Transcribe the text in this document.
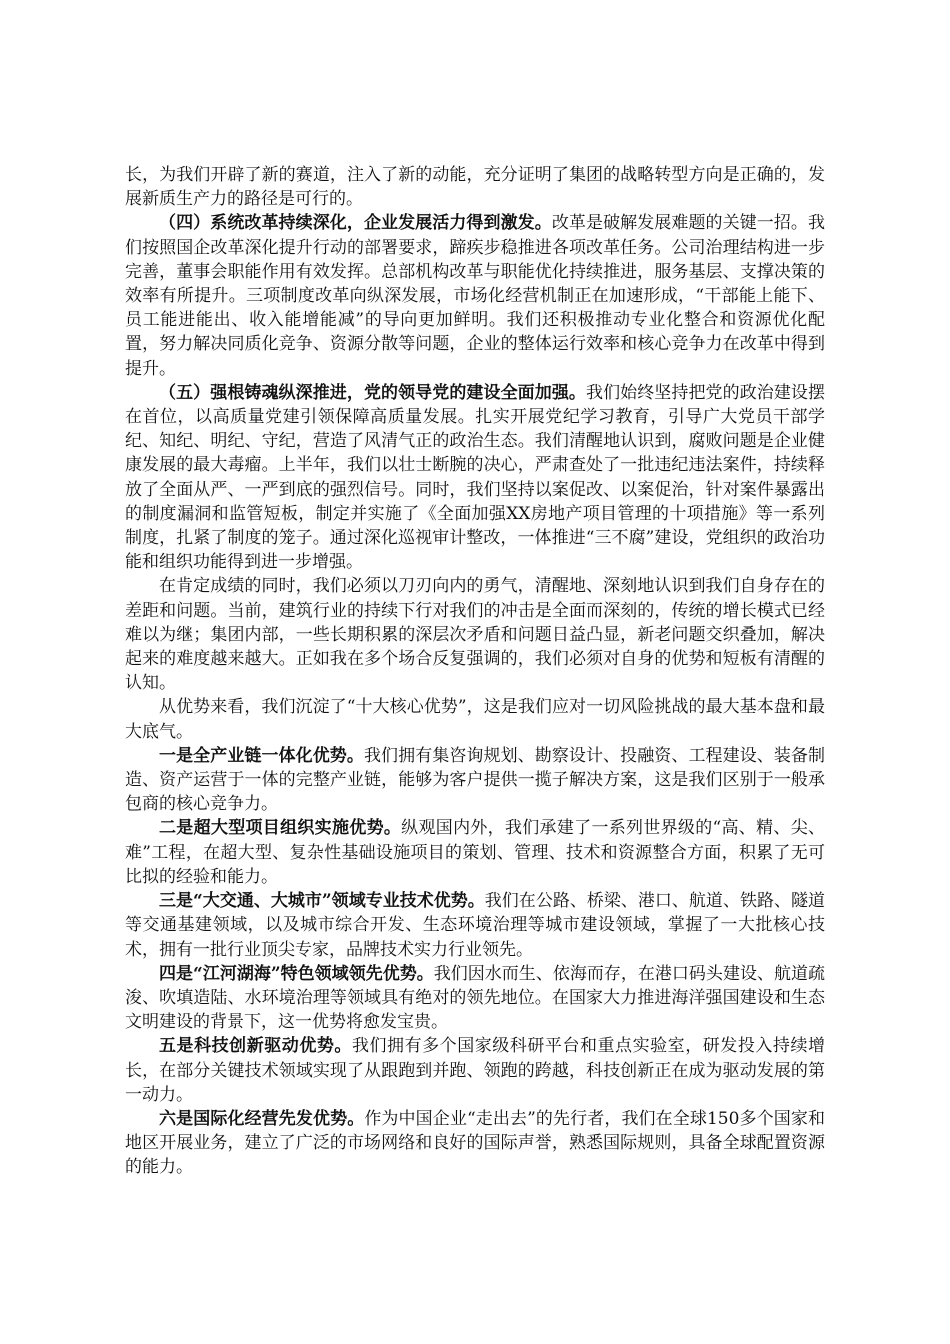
长，为我们开辟了新的赛道，注入了新的动能，充分证明了集团的战略转型方向是正确的，发展新质生产力的路径是可行的。

（四）系统改革持续深化，企业发展活力得到激发。改革是破解发展难题的关键一招。我们按照国企改革深化提升行动的部署要求，蹄疾步稳推进各项改革任务。公司治理结构进一步完善，董事会职能作用有效发挥。总部机构改革与职能优化持续推进，服务基层、支撑决策的效率有所提升。三项制度改革向纵深发展，市场化经营机制正在加速形成，“干部能上能下、员工能进能出、收入能增能减”的导向更加鲜明。我们还积极推动专业化整合和资源优化配置，努力解决同质化竞争、资源分散等问题，企业的整体运行效率和核心竞争力在改革中得到提升。

（五）强根铸魂纵深推进，党的领导党的建设全面加强。我们始终坚持把党的政治建设摆在首位，以高质量党建引领保障高质量发展。扎实开展党纪学习教育，引导广大党员干部学纪、知纪、明纪、守纪，营造了风清气正的政治生态。我们清醒地认识到，腐败问题是企业健康发展的最大毒瘤。上半年，我们以壮士断腕的决心，严肃查处了一批违纪违法案件，持续释放了全面从严、一严到底的强烈信号。同时，我们坚持以案促改、以案促治，针对案件暴露出的制度漏洞和监管短板，制定并实施了《全面加强XX房地产项目管理的十项措施》等一系列制度，扎紧了制度的笼子。通过深化巡视审计整改，一体推进“三不腐”建设，党组织的政治功能和组织功能得到进一步增强。

在肯定成绩的同时，我们必须以刀刃向内的勇气，清醒地、深刻地认识到我们自身存在的差距和问题。当前，建筑行业的持续下行对我们的冲击是全面而深刻的，传统的增长模式已经难以为继；集团内部，一些长期积累的深层次矛盾和问题日益凸显，新老问题交织叠加，解决起来的难度越来越大。正如我在多个场合反复强调的，我们必须对自身的优势和短板有清醒的认知。

从优势来看，我们沉淀了“十大核心优势”，这是我们应对一切风险挑战的最大基本盘和最大底气。

一是全产业链一体化优势。我们拥有集咨询规划、勘察设计、投融资、工程建设、装备制造、资产运营于一体的完整产业链，能够为客户提供一揽子解决方案，这是我们区别于一般承包商的核心竞争力。

二是超大型项目组织实施优势。纵观国内外，我们承建了一系列世界级的“高、精、尖、难”工程，在超大型、复杂性基础设施项目的策划、管理、技术和资源整合方面，积累了无可比拟的经验和能力。

三是“大交通、大城市”领域专业技术优势。我们在公路、桥梁、港口、航道、铁路、隧道等交通基建领域，以及城市综合开发、生态环境治理等城市建设领域，掌握了一大批核心技术，拥有一批行业顶尖专家，品牌技术实力行业领先。

四是“江河湖海”特色领域领先优势。我们因水而生、依海而存，在港口码头建设、航道疏浚、吹填造陆、水环境治理等领域具有绝对的领先地位。在国家大力推进海洋强国建设和生态文明建设的背景下，这一优势将愈发宝贵。

五是科技创新驱动优势。我们拥有多个国家级科研平台和重点实验室，研发投入持续增长，在部分关键技术领域实现了从跟跑到并跑、领跑的跨越，科技创新正在成为驱动发展的第一动力。

六是国际化经营先发优势。作为中国企业“走出去”的先行者，我们在全球150多个国家和地区开展业务，建立了广泛的市场网络和良好的国际声誉，熟悉国际规则，具备全球配置资源的能力。
